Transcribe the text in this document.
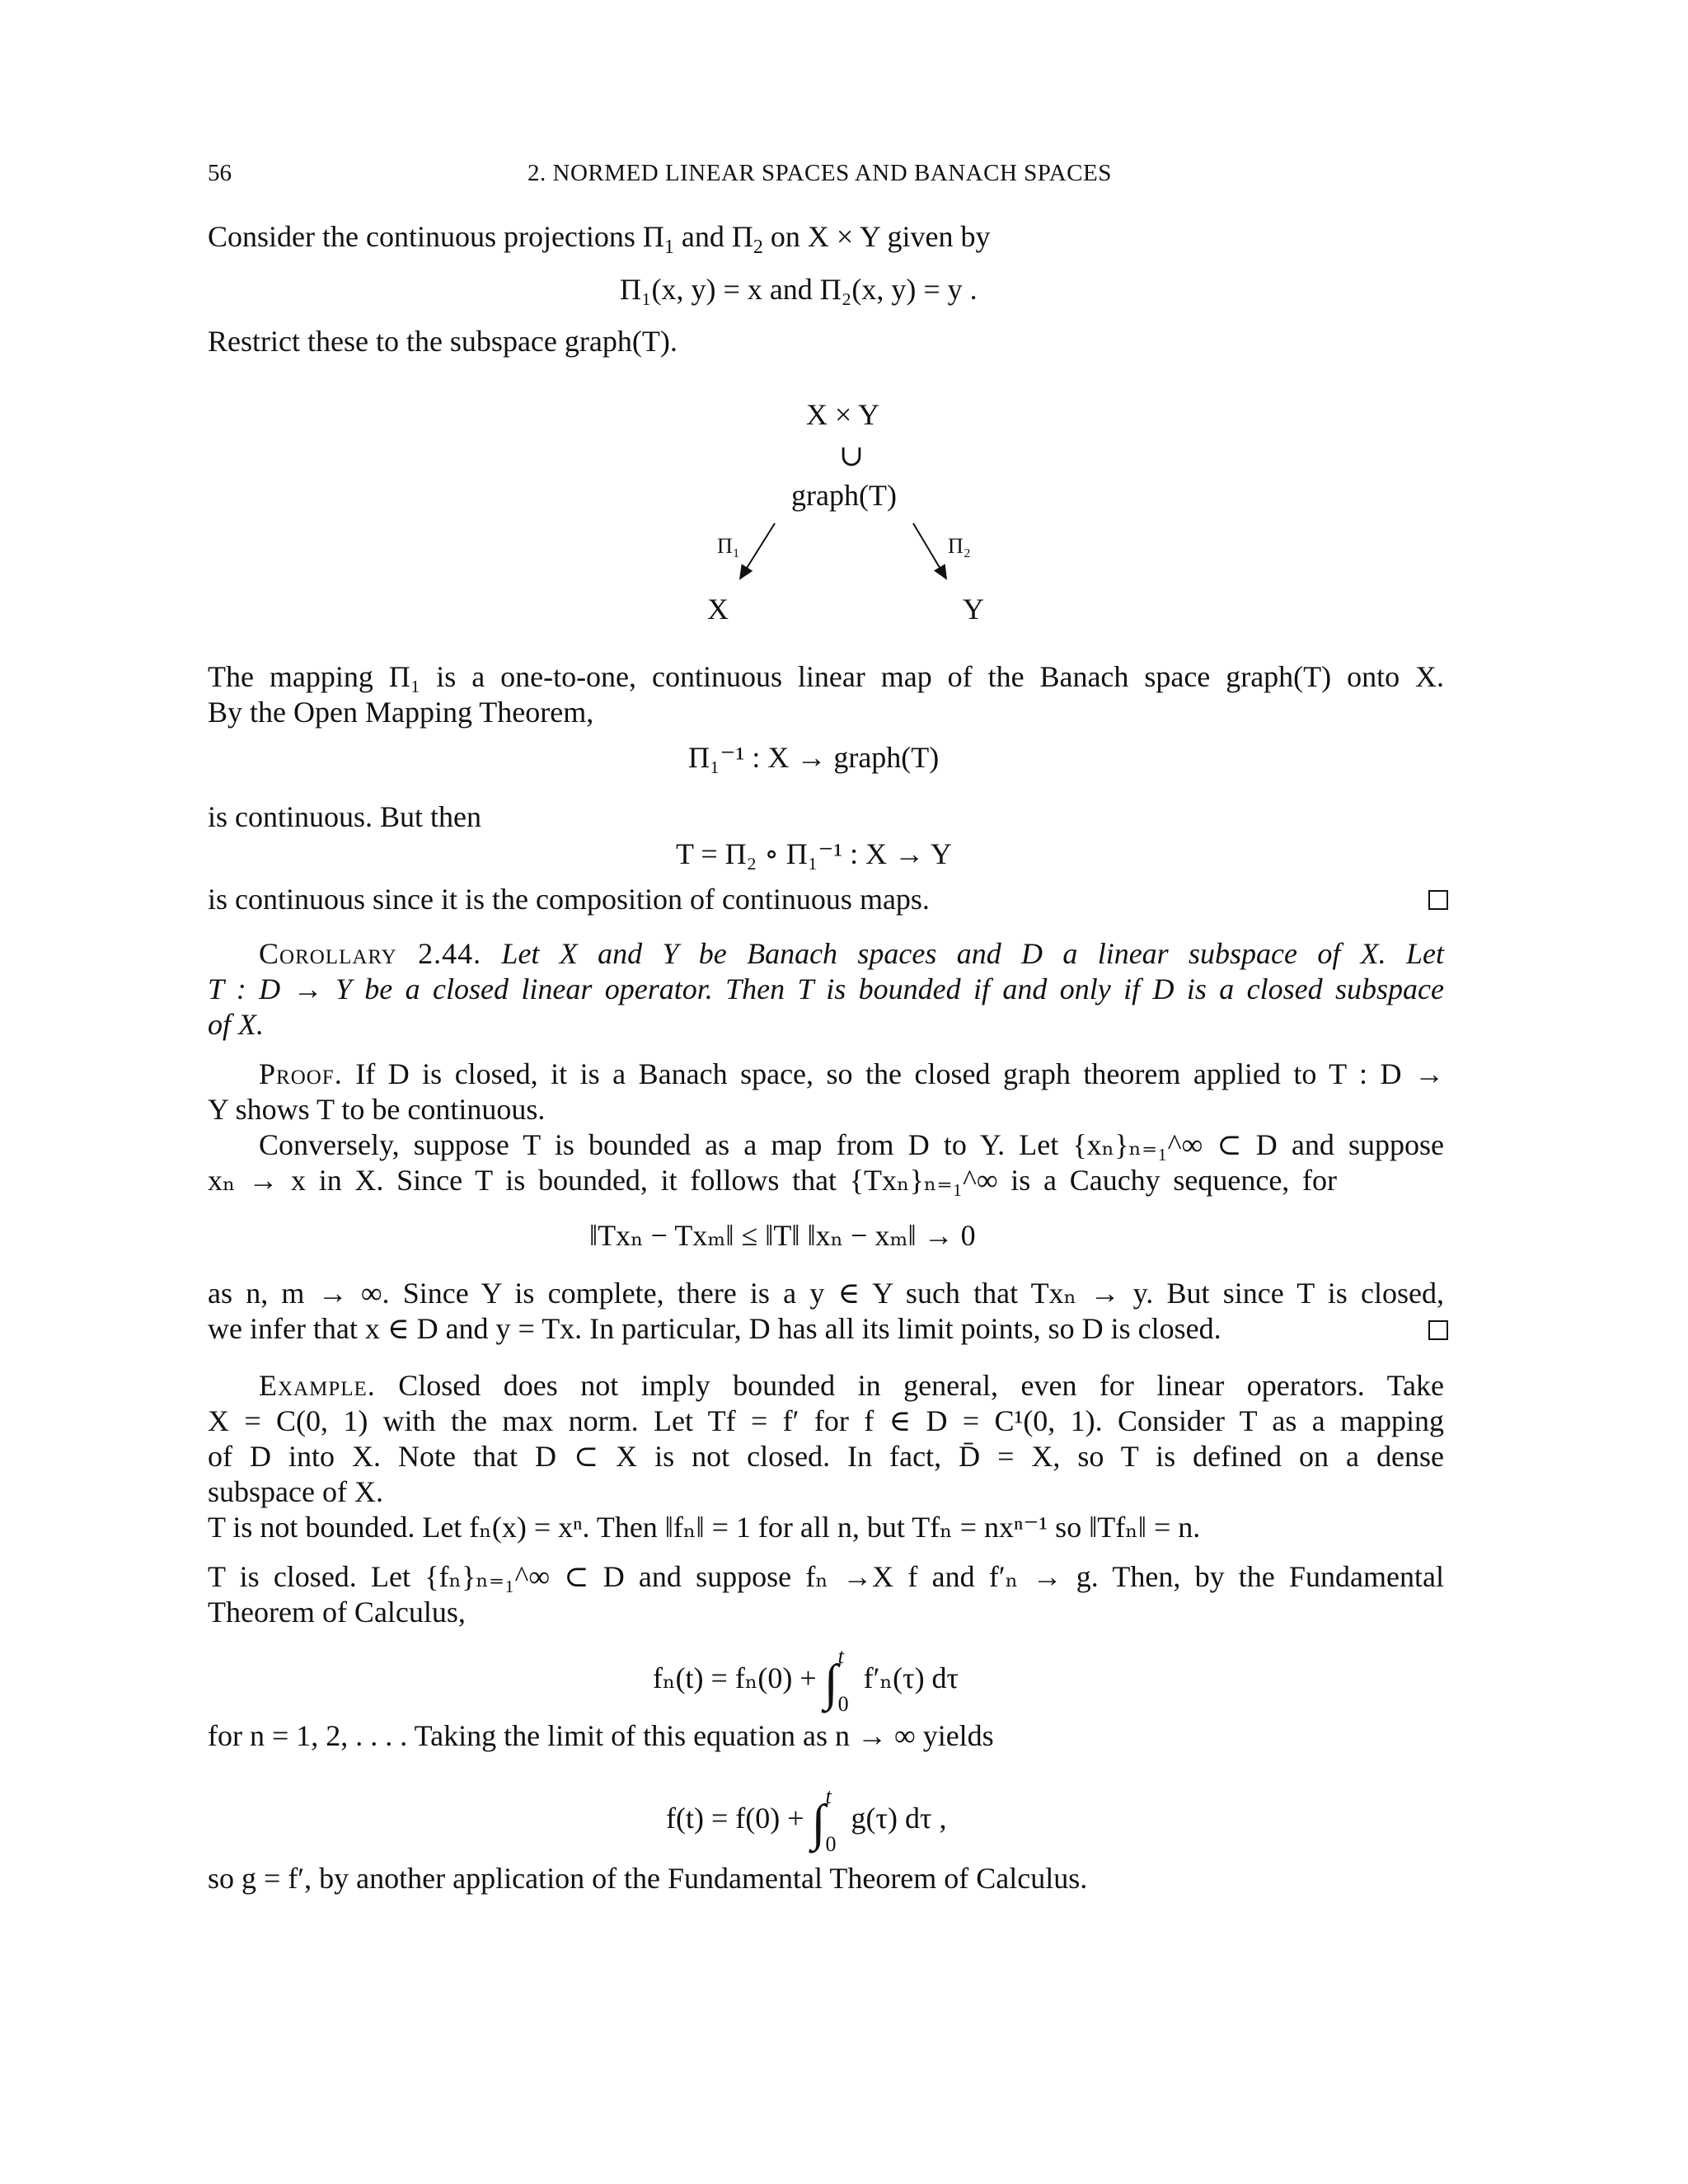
56	2. NORMED LINEAR SPACES AND BANACH SPACES
Consider the continuous projections $\Pi_1$ and $\Pi_2$ on X × Y given by
Π₁(x, y) = x and Π₂(x, y) = y .
Restrict these to the subspace graph(T).
X × Y
∪
graph(T)
Π₁	Π₂
X	Y
The mapping Π₁ is a one-to-one, continuous linear map of the Banach space graph(T) onto X.
By the Open Mapping Theorem,
Π₁⁻¹ : X → graph(T)
is continuous. But then
T = Π₂ ∘ Π₁⁻¹ : X → Y
is continuous since it is the composition of continuous maps.
Corollary 2.44. Let X and Y be Banach spaces and D a linear subspace of X. Let
T : D → Y be a closed linear operator. Then T is bounded if and only if D is a closed subspace
of X.
Proof. If D is closed, it is a Banach space, so the closed graph theorem applied to T : D →
Y shows T to be continuous.
Conversely, suppose T is bounded as a map from D to Y. Let {xₙ}ₙ₌₁^∞ ⊂ D and suppose
xₙ → x in X. Since T is bounded, it follows that {Txₙ}ₙ₌₁^∞ is a Cauchy sequence, for
‖Txₙ − Txₘ‖ ≤ ‖T‖ ‖xₙ − xₘ‖ → 0
as n, m → ∞. Since Y is complete, there is a y ∈ Y such that Txₙ → y. But since T is closed,
we infer that x ∈ D and y = Tx. In particular, D has all its limit points, so D is closed.
Example. Closed does not imply bounded in general, even for linear operators. Take
X = C(0, 1) with the max norm. Let Tf = f′ for f ∈ D = C¹(0, 1). Consider T as a mapping
of D into X. Note that D ⊂ X is not closed. In fact, D̄ = X, so T is defined on a dense
subspace of X.
T is not bounded. Let fₙ(x) = xⁿ. Then ‖fₙ‖ = 1 for all n, but Tfₙ = nxⁿ⁻¹ so ‖Tfₙ‖ = n.
T is closed. Let {fₙ}ₙ₌₁^∞ ⊂ D and suppose fₙ →X f and f′ₙ → g. Then, by the Fundamental
Theorem of Calculus,
fₙ(t) = fₙ(0) + ∫ t
0
f′ₙ(τ) dτ
for n = 1, 2, . . . . Taking the limit of this equation as n → ∞ yields
f(t) = f(0) + ∫ t
0
g(τ) dτ ,
so g = f′, by another application of the Fundamental Theorem of Calculus.
